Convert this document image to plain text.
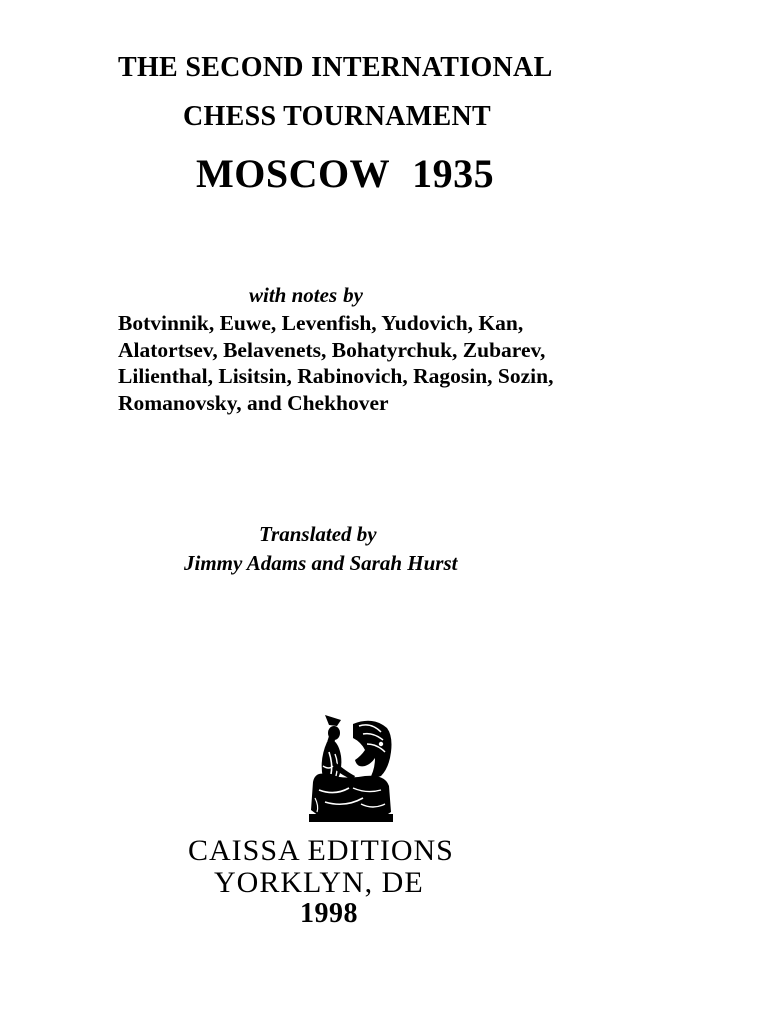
THE SECOND INTERNATIONAL
CHESS TOURNAMENT
MOSCOW 1935

with notes by

Botvinnik, Euwe, Levenfish, Yudovich, Kan,
Alatortsev, Belavenets, Bohatyrchuk, Zubarev,
Lilienthal, Lisitsin, Rabinovich, Ragosin, Sozin,
Romanovsky, and Chekhover

Translated by

Jimmy Adams and Sarah Hurst

CAISSA EDITIONS

YORKLYN, DE

1998
